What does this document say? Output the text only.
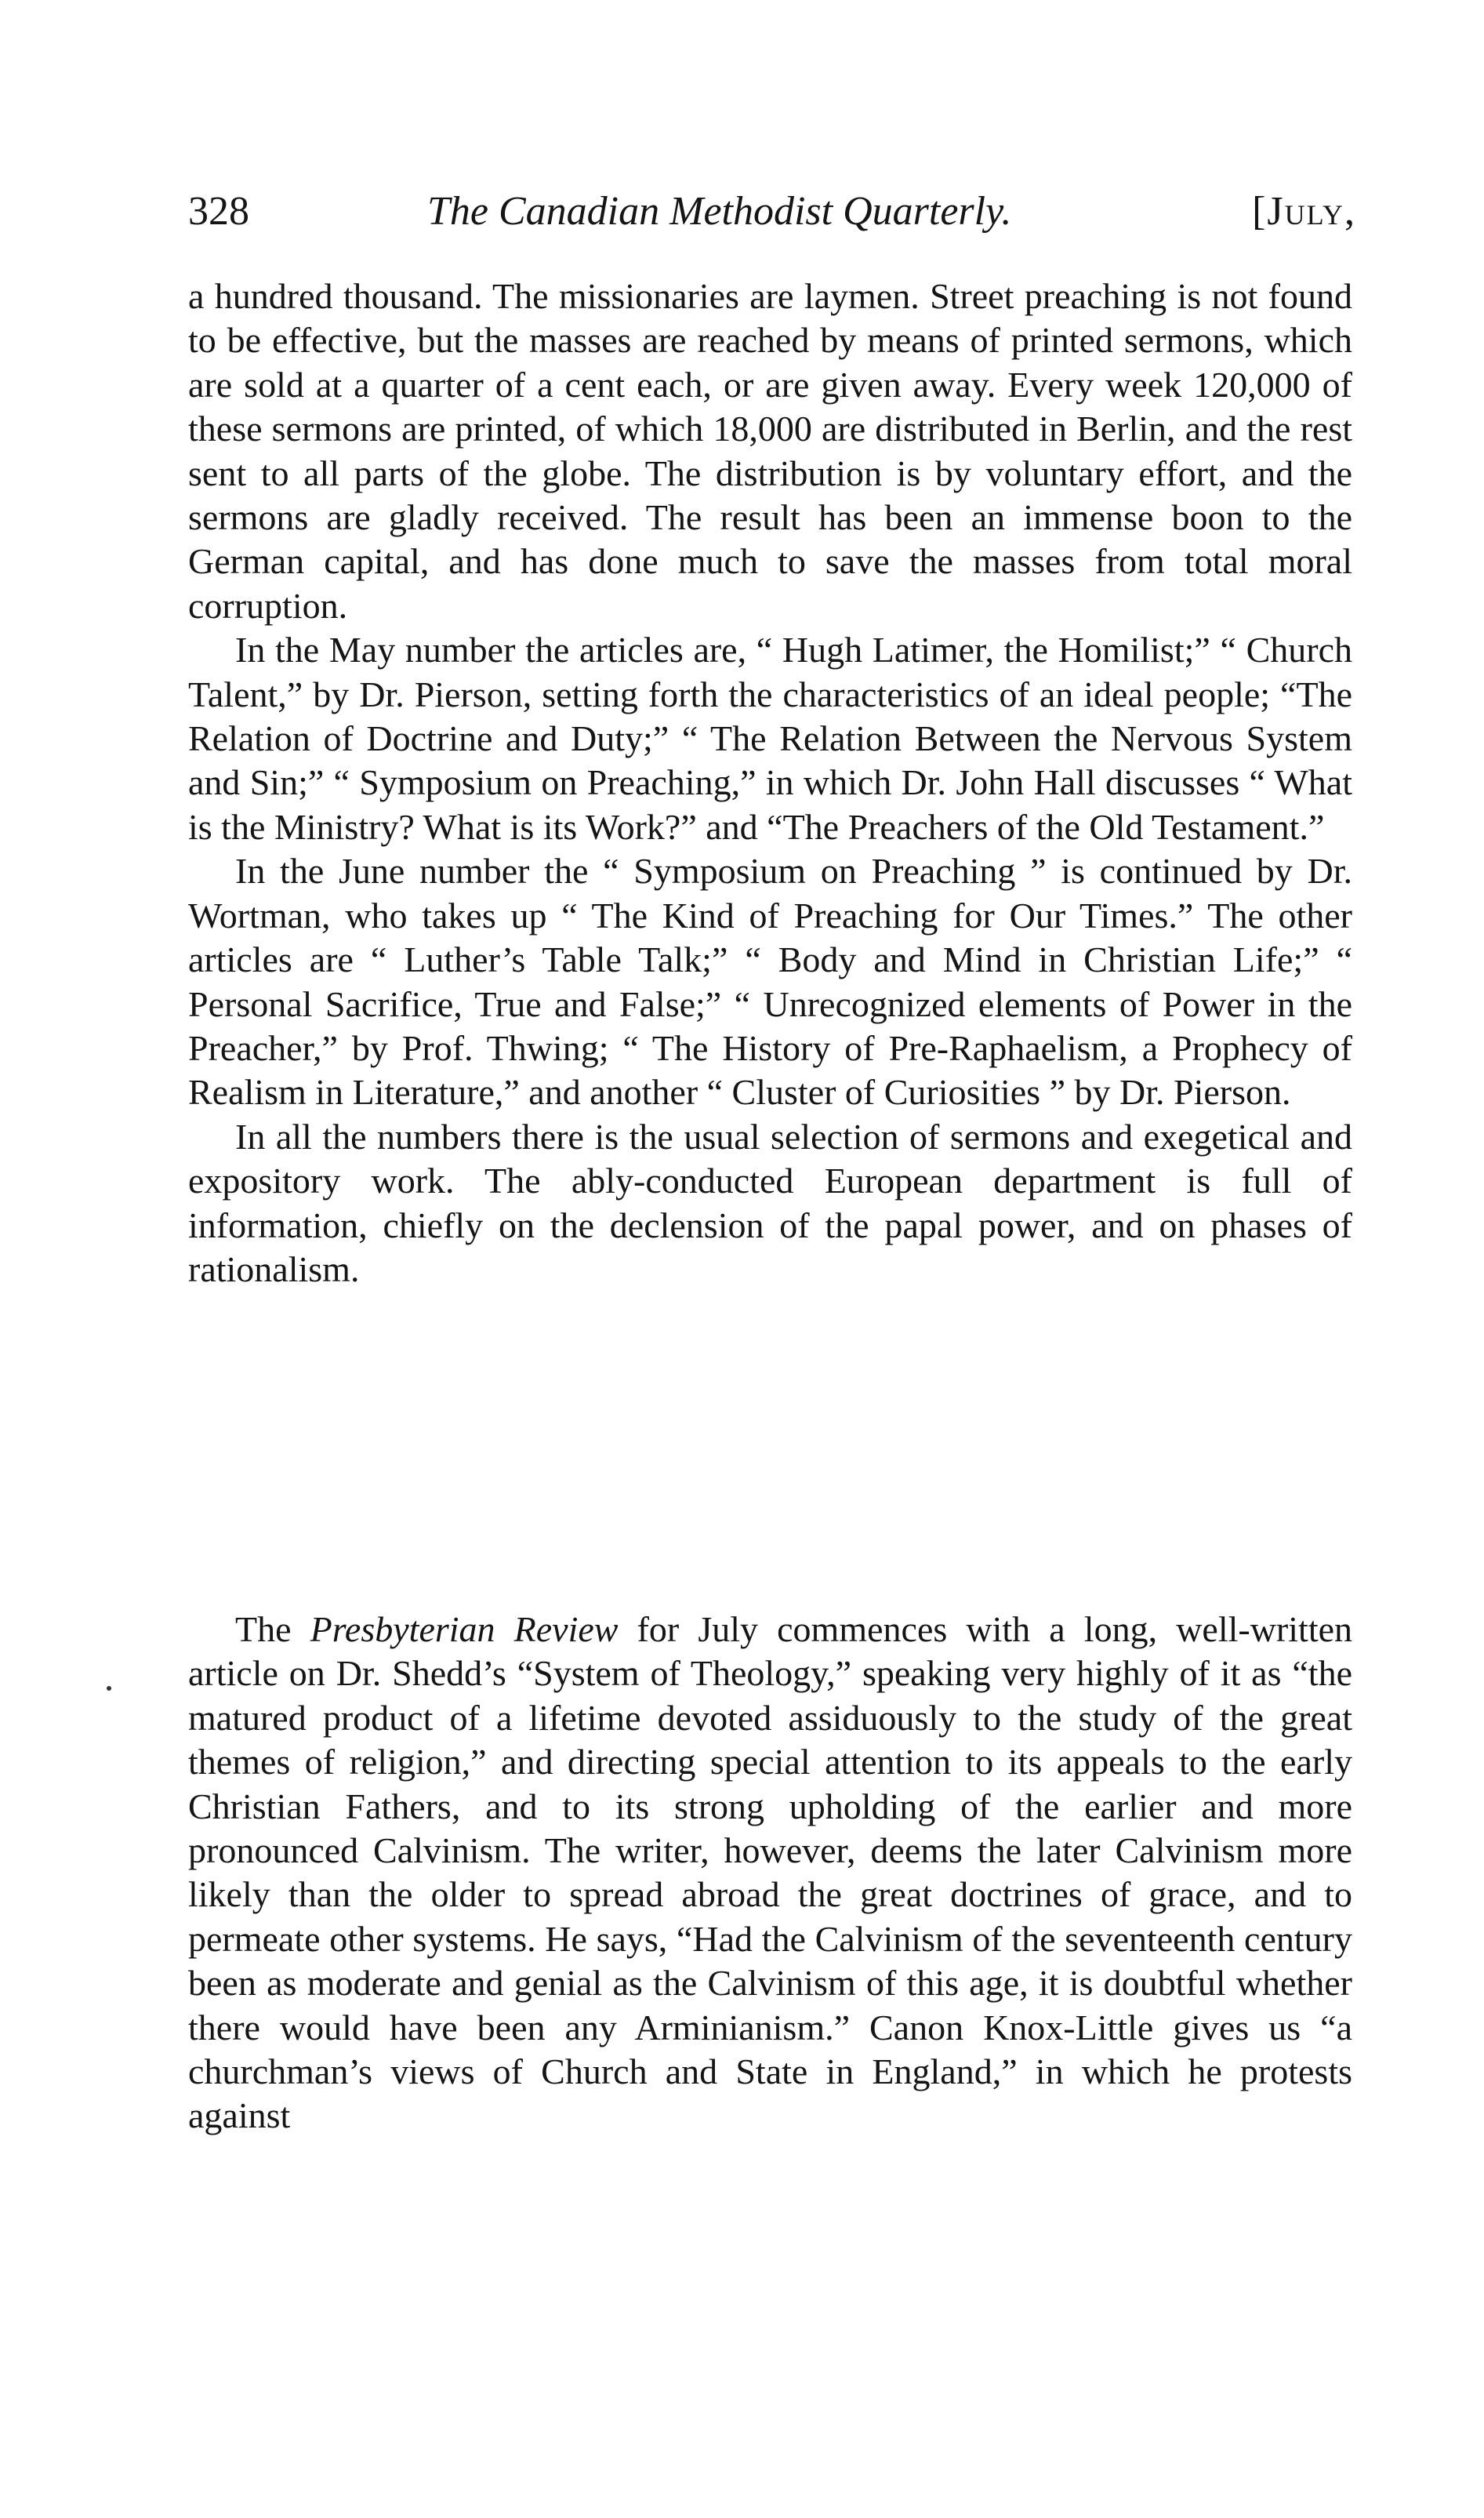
328	The Canadian Methodist Quarterly.	[July,

a hundred thousand. The missionaries are laymen. Street preaching is not found to be effective, but the masses are reached by means of printed sermons, which are sold at a quarter of a cent each, or are given away. Every week 120,000 of these sermons are printed, of which 18,000 are distributed in Berlin, and the rest sent to all parts of the globe. The distribution is by voluntary effort, and the sermons are gladly received. The result has been an immense boon to the German capital, and has done much to save the masses from total moral corruption.

In the May number the articles are, “ Hugh Latimer, the Homilist;” “ Church Talent,” by Dr. Pierson, setting forth the characteristics of an ideal people; “The Relation of Doctrine and Duty;” “ The Relation Between the Nervous System and Sin;” “ Symposium on Preaching,” in which Dr. John Hall discusses “ What is the Ministry? What is its Work?” and “The Preachers of the Old Testament.”

In the June number the “ Symposium on Preaching ” is continued by Dr. Wortman, who takes up “ The Kind of Preaching for Our Times.” The other articles are “ Luther’s Table Talk;” “ Body and Mind in Christian Life;” “ Personal Sacrifice, True and False;” “ Unrecognized elements of Power in the Preacher,” by Prof. Thwing; “ The History of Pre-Raphaelism, a Prophecy of Realism in Literature,” and another “ Cluster of Curiosities ” by Dr. Pierson.

In all the numbers there is the usual selection of sermons and exegetical and expository work. The ably-conducted European department is full of information, chiefly on the declension of the papal power, and on phases of rationalism.

The Presbyterian Review for July commences with a long, well-written article on Dr. Shedd’s “System of Theology,” speaking very highly of it as “the matured product of a lifetime devoted assiduously to the study of the great themes of religion,” and directing special attention to its appeals to the early Christian Fathers, and to its strong upholding of the earlier and more pronounced Calvinism. The writer, however, deems the later Calvinism more likely than the older to spread abroad the great doctrines of grace, and to permeate other systems. He says, “Had the Calvinism of the seventeenth century been as moderate and genial as the Calvinism of this age, it is doubtful whether there would have been any Arminianism.” Canon Knox-Little gives us “a churchman’s views of Church and State in England,” in which he protests against
